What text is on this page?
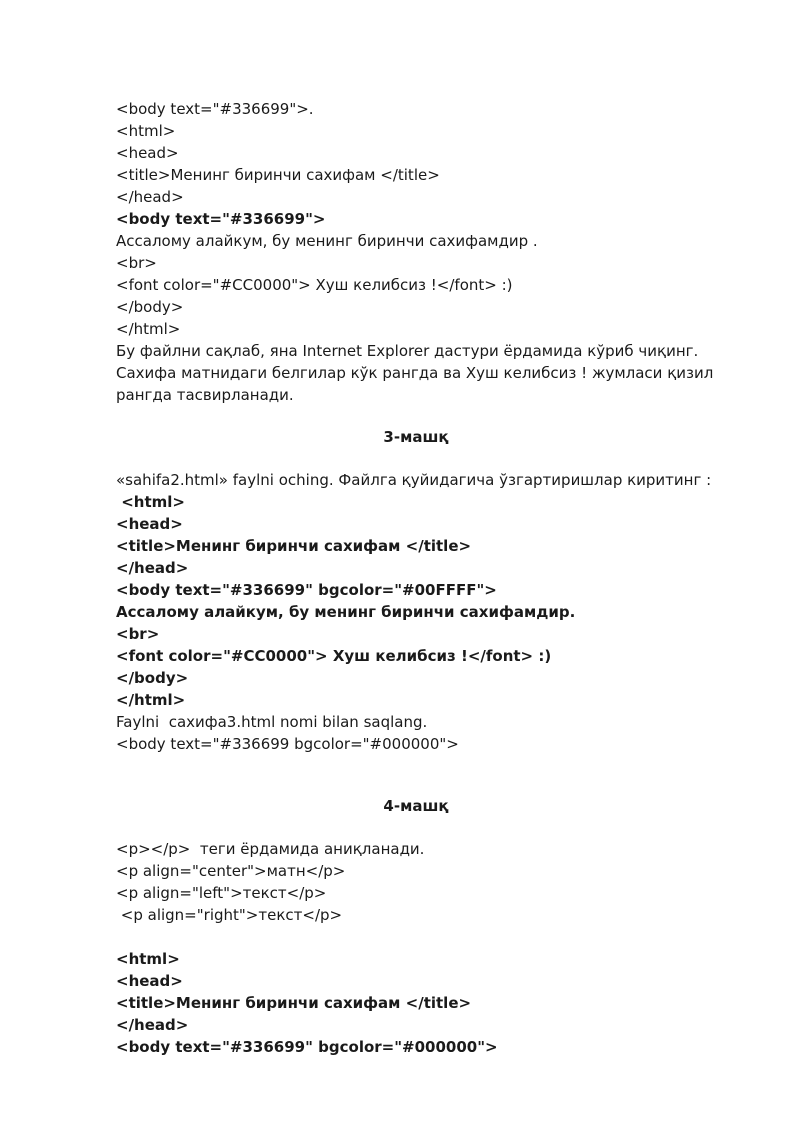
<body text="#336699">.

<html>

<head>

<title>Менинг биринчи сахифам </title>

</head>

<body text="#336699">

Ассалому алайкум, бу менинг биринчи сахифамдир .

<br>

<font color="#CC0000"> Хуш келибсиз !</font> :)

</body>

</html>

Бу файлни сақлаб, яна Internet Explorer дастури ёрдамида кўриб чиқинг. Сахифа матнидаги белгилар кўк рангда ва Хуш келибсиз ! жумласи қизил рангда тасвирланади.

3-машқ

«sahifa2.html» faylni oching. Файлга қуйидагича ўзгартиришлар киритинг :

<html>

<head>

<title>Менинг биринчи сахифам </title>

</head>

<body text="#336699" bgcolor="#00FFFF">

Ассалому алайкум, бу менинг биринчи сахифамдир.

<br>

<font color="#CC0000"> Хуш келибсиз !</font> :)

</body>

</html>

Faylni  сахифа3.html nomi bilan saqlang.

<body text="#336699 bgcolor="#000000">

4-машқ

<p></p>  теги ёрдамида аниқланади.

<p align="center">матн</p>

<p align="left">текст</p>

<p align="right">текст</p>

<html>

<head>

<title>Менинг биринчи сахифам </title>

</head>

<body text="#336699" bgcolor="#000000">
